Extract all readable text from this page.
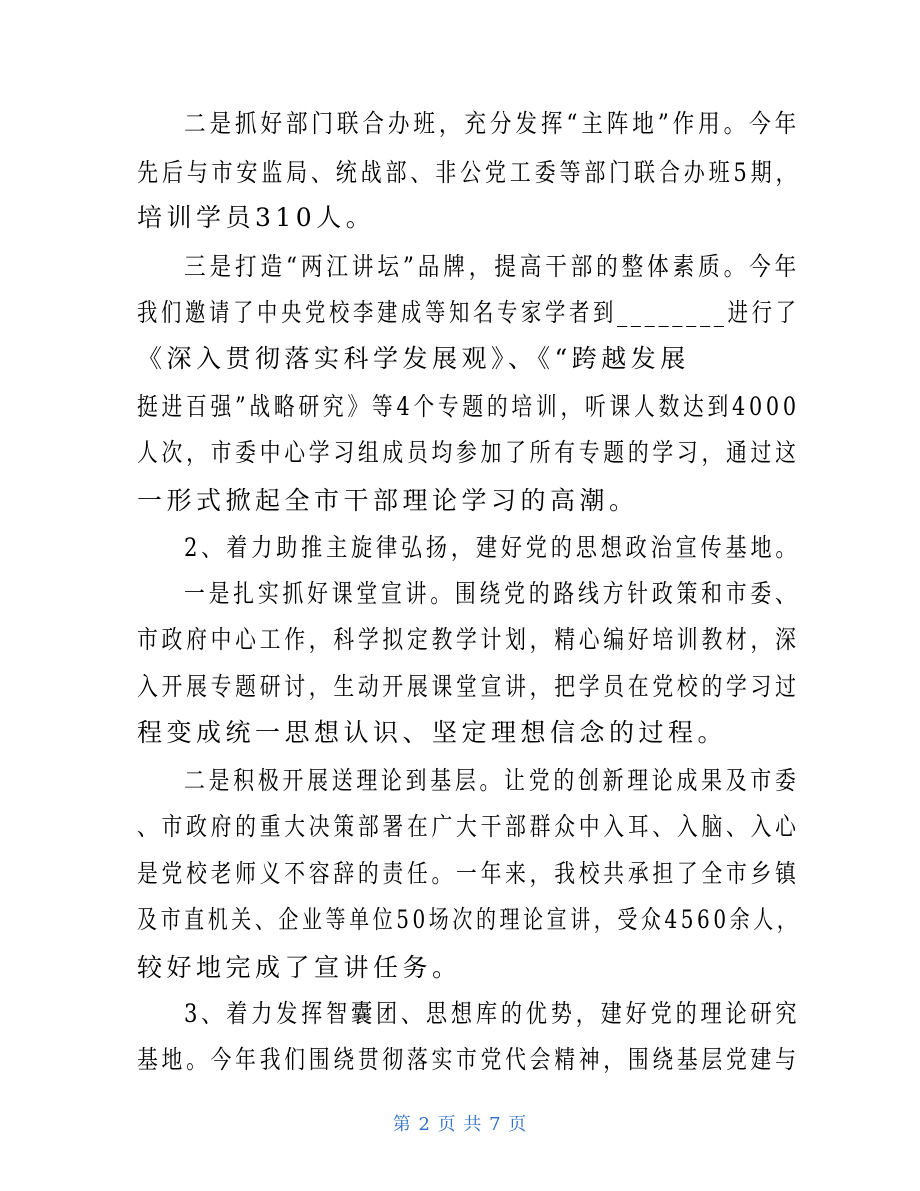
二是抓好部门联合办班，充分发挥“主阵地”作用。今年
先后与市安监局、统战部、非公党工委等部门联合办班5期，
培训学员310人。
三是打造“两江讲坛”品牌，提高干部的整体素质。今年
我们邀请了中央党校李建成等知名专家学者到________进行了
《深入贯彻落实科学发展观》、《“跨越发展
挺进百强”战略研究》等4个专题的培训，听课人数达到4000
人次，市委中心学习组成员均参加了所有专题的学习，通过这
一形式掀起全市干部理论学习的高潮。
2、着力助推主旋律弘扬，建好党的思想政治宣传基地。
一是扎实抓好课堂宣讲。围绕党的路线方针政策和市委、
市政府中心工作，科学拟定教学计划，精心编好培训教材，深
入开展专题研讨，生动开展课堂宣讲，把学员在党校的学习过
程变成统一思想认识、坚定理想信念的过程。
二是积极开展送理论到基层。让党的创新理论成果及市委
、市政府的重大决策部署在广大干部群众中入耳、入脑、入心
是党校老师义不容辞的责任。一年来，我校共承担了全市乡镇
及市直机关、企业等单位50场次的理论宣讲，受众4560余人，
较好地完成了宣讲任务。
3、着力发挥智囊团、思想库的优势，建好党的理论研究
基地。今年我们围绕贯彻落实市党代会精神，围绕基层党建与
第 2 页 共 7 页
